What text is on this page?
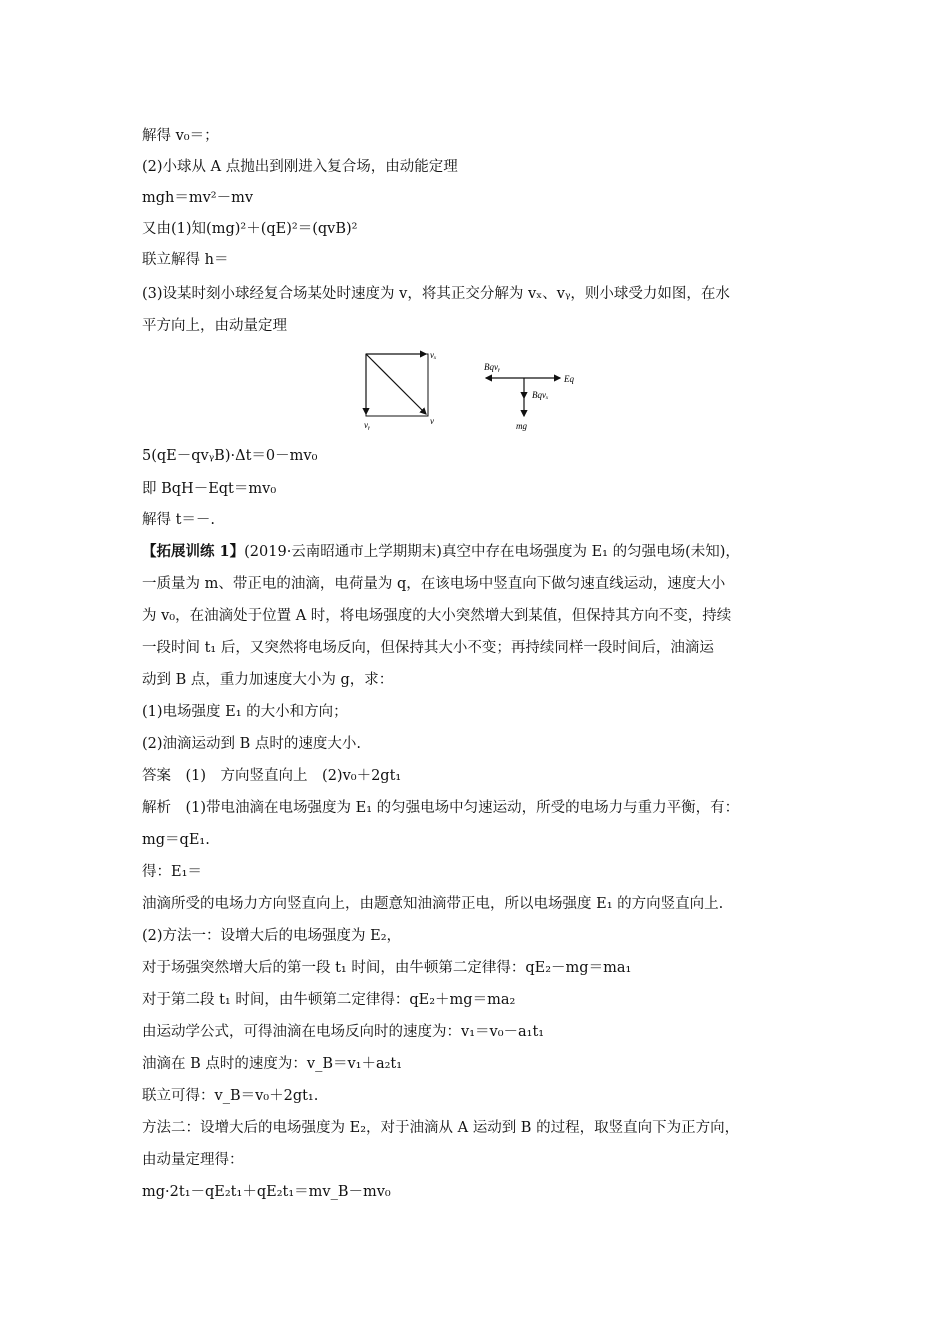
解得 v₀＝；
(2)小球从 A 点抛出到刚进入复合场，由动能定理
mgh＝mv²－mv
又由(1)知(mg)²＋(qE)²＝(qvB)²
联立解得 h＝
(3)设某时刻小球经复合场某处时速度为 v，将其正交分解为 vₓ、vᵧ，则小球受力如图，在水
平方向上，由动量定理
vₓ
vᵧ	v
Bqvᵧ
Eq
Bqvₓ
mg
5(qE－qvᵧB)·Δt＝0－mv₀
即 BqH－Eqt＝mv₀
解得 t＝－.
【拓展训练 1】(2019·云南昭通市上学期期末)真空中存在电场强度为 E₁ 的匀强电场(未知)，
一质量为 m、带正电的油滴，电荷量为 q，在该电场中竖直向下做匀速直线运动，速度大小
为 v₀，在油滴处于位置 A 时，将电场强度的大小突然增大到某值，但保持其方向不变，持续
一段时间 t₁ 后，又突然将电场反向，但保持其大小不变；再持续同样一段时间后，油滴运
动到 B 点，重力加速度大小为 g，求：
(1)电场强度 E₁ 的大小和方向；
(2)油滴运动到 B 点时的速度大小.
答案　(1)　方向竖直向上　(2)v₀＋2gt₁
解析　(1)带电油滴在电场强度为 E₁ 的匀强电场中匀速运动，所受的电场力与重力平衡，有：
mg＝qE₁.
得：E₁＝
油滴所受的电场力方向竖直向上，由题意知油滴带正电，所以电场强度 E₁ 的方向竖直向上.
(2)方法一：设增大后的电场强度为 E₂，
对于场强突然增大后的第一段 t₁ 时间，由牛顿第二定律得：qE₂－mg＝ma₁
对于第二段 t₁ 时间，由牛顿第二定律得：qE₂＋mg＝ma₂
由运动学公式，可得油滴在电场反向时的速度为：v₁＝v₀－a₁t₁
油滴在 B 点时的速度为：v_B＝v₁＋a₂t₁
联立可得：v_B＝v₀＋2gt₁.
方法二：设增大后的电场强度为 E₂，对于油滴从 A 运动到 B 的过程，取竖直向下为正方向，
由动量定理得：
mg·2t₁－qE₂t₁＋qE₂t₁＝mv_B－mv₀
